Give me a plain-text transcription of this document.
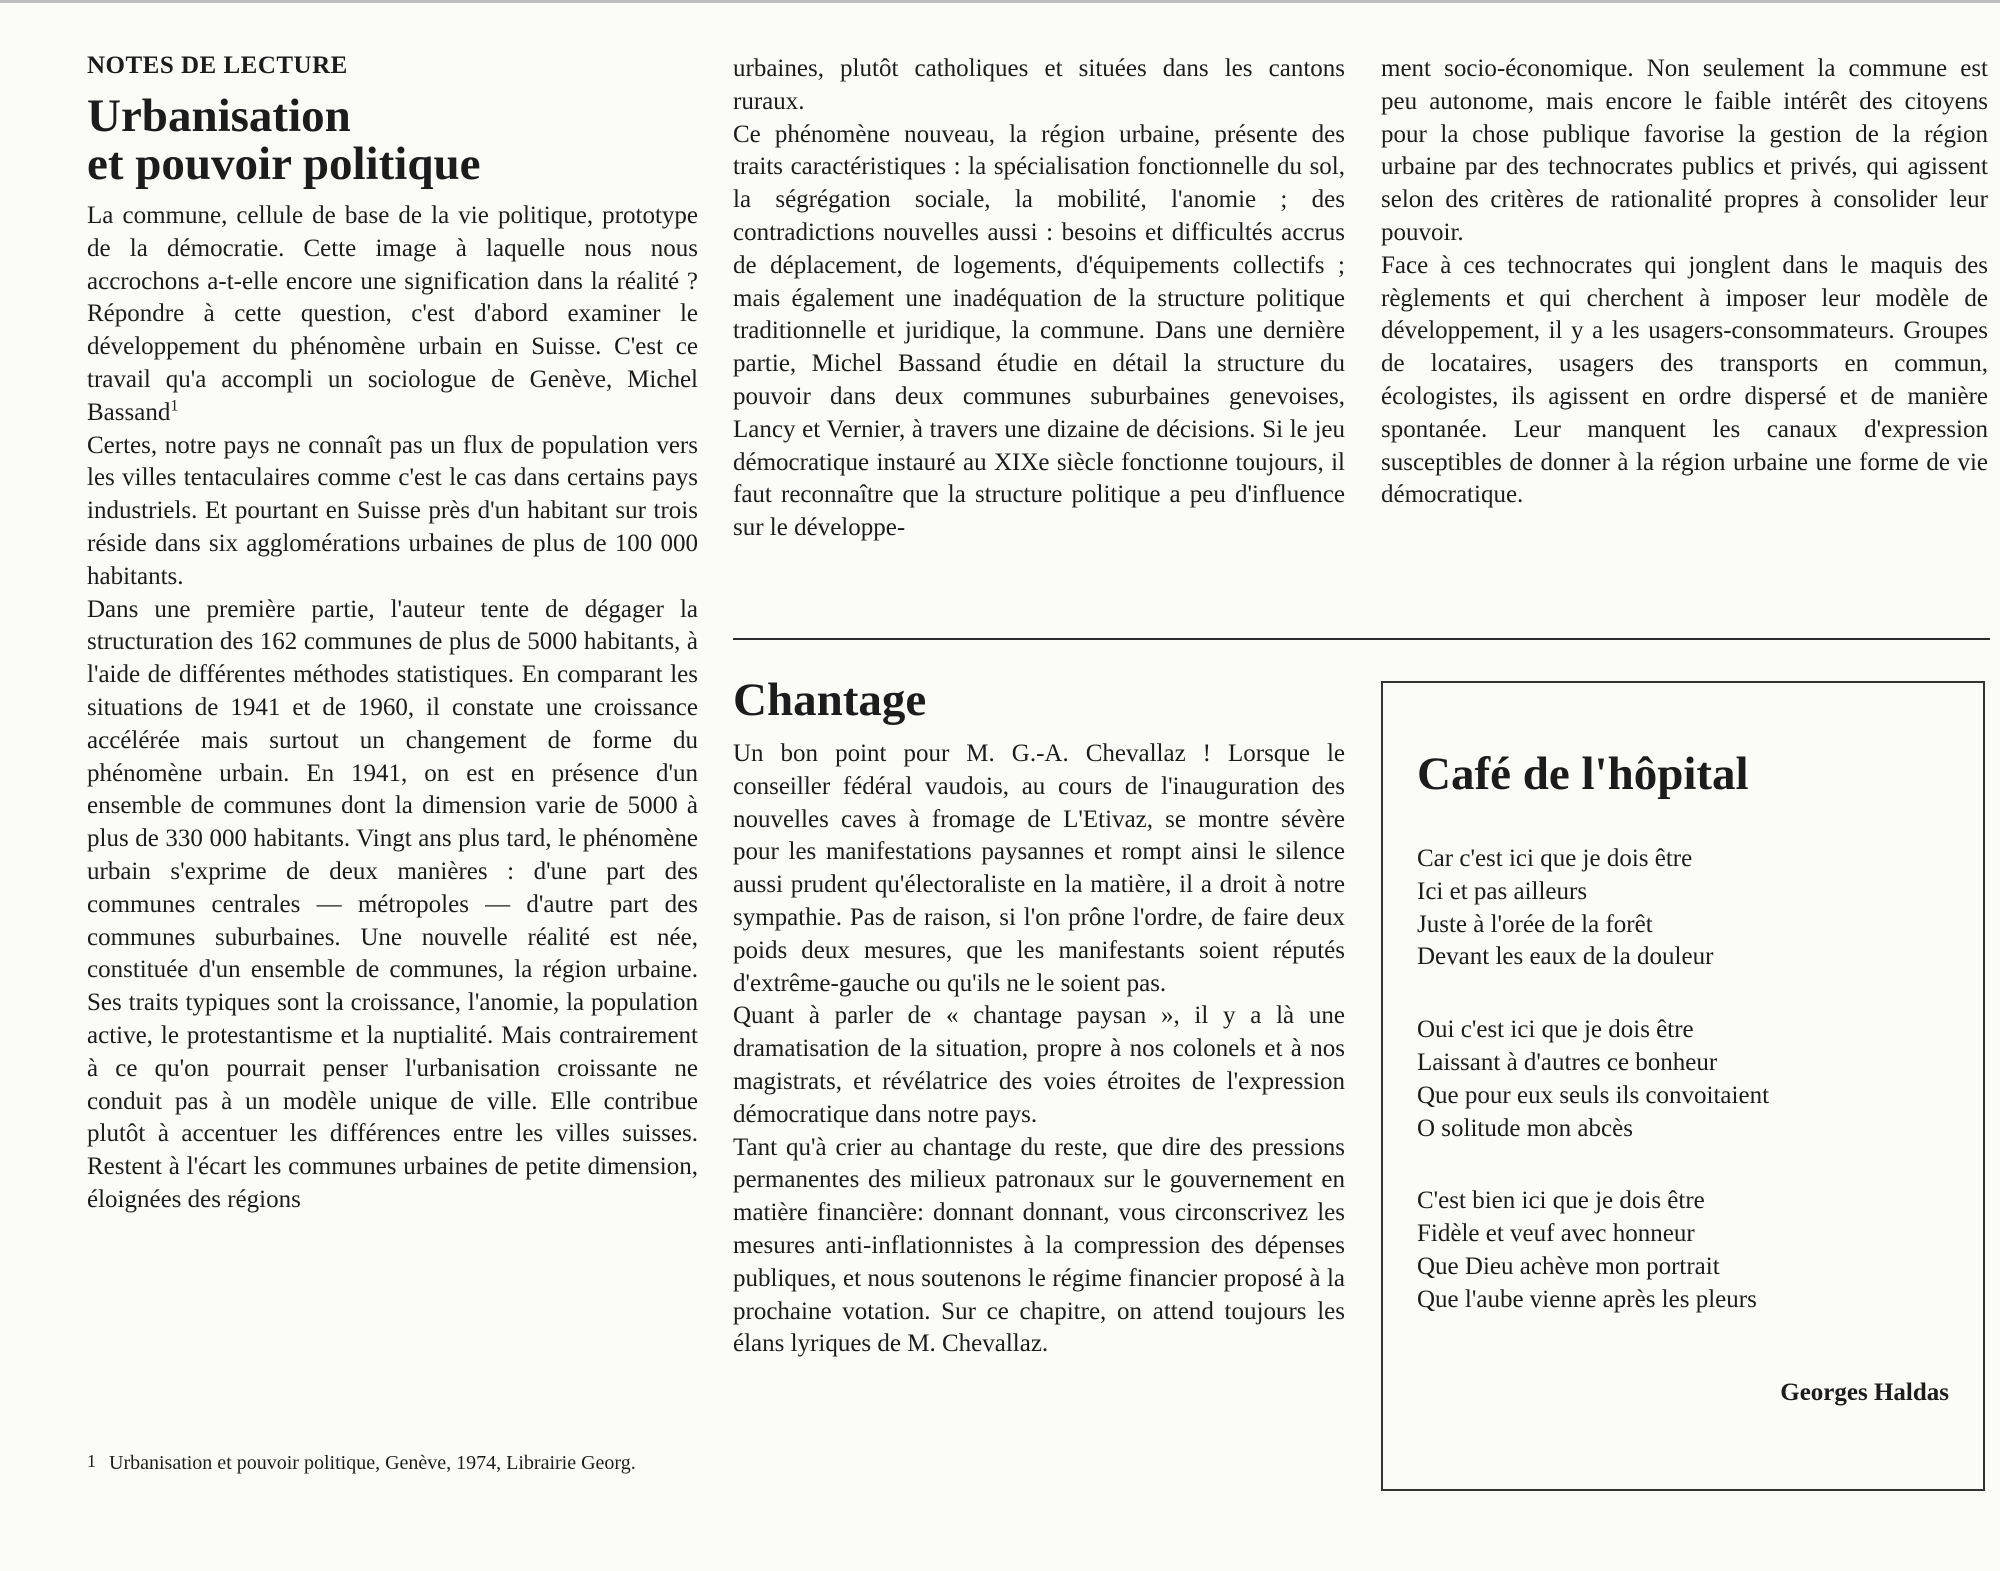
NOTES DE LECTURE

Urbanisation
et pouvoir politique

La commune, cellule de base de la vie politique, prototype de la démocratie. Cette image à laquelle nous nous accrochons a-t-elle encore une signification dans la réalité ? Répondre à cette question, c'est d'abord examiner le développement du phénomène urbain en Suisse. C'est ce travail qu'a accompli un sociologue de Genève, Michel Bassand$^1$

Certes, notre pays ne connaît pas un flux de population vers les villes tentaculaires comme c'est le cas dans certains pays industriels. Et pourtant en Suisse près d'un habitant sur trois réside dans six agglomérations urbaines de plus de 100 000 habitants.

Dans une première partie, l'auteur tente de dégager la structuration des 162 communes de plus de 5000 habitants, à l'aide de différentes méthodes statistiques. En comparant les situations de 1941 et de 1960, il constate une croissance accélérée mais surtout un changement de forme du phénomène urbain. En 1941, on est en présence d'un ensemble de communes dont la dimension varie de 5000 à plus de 330 000 habitants. Vingt ans plus tard, le phénomène urbain s'exprime de deux manières : d'une part des communes centrales — métropoles — d'autre part des communes suburbaines. Une nouvelle réalité est née, constituée d'un ensemble de communes, la région urbaine. Ses traits typiques sont la croissance, l'anomie, la population active, le protestantisme et la nuptialité. Mais contrairement à ce qu'on pourrait penser l'urbanisation croissante ne conduit pas à un modèle unique de ville. Elle contribue plutôt à accentuer les différences entre les villes suisses. Restent à l'écart les communes urbaines de petite dimension, éloignées des régions

1 Urbanisation et pouvoir politique, Genève, 1974, Librairie Georg.

urbaines, plutôt catholiques et situées dans les cantons ruraux.

Ce phénomène nouveau, la région urbaine, présente des traits caractéristiques : la spécialisation fonctionnelle du sol, la ségrégation sociale, la mobilité, l'anomie ; des contradictions nouvelles aussi : besoins et difficultés accrus de déplacement, de logements, d'équipements collectifs ; mais également une inadéquation de la structure politique traditionnelle et juridique, la commune. Dans une dernière partie, Michel Bassand étudie en détail la structure du pouvoir dans deux communes suburbaines genevoises, Lancy et Vernier, à travers une dizaine de décisions. Si le jeu démocratique instauré au XIXe siècle fonctionne toujours, il faut reconnaître que la structure politique a peu d'influence sur le développe-

ment socio-économique. Non seulement la commune est peu autonome, mais encore le faible intérêt des citoyens pour la chose publique favorise la gestion de la région urbaine par des technocrates publics et privés, qui agissent selon des critères de rationalité propres à consolider leur pouvoir.

Face à ces technocrates qui jonglent dans le maquis des règlements et qui cherchent à imposer leur modèle de développement, il y a les usagers-consommateurs. Groupes de locataires, usagers des transports en commun, écologistes, ils agissent en ordre dispersé et de manière spontanée. Leur manquent les canaux d'expression susceptibles de donner à la région urbaine une forme de vie démocratique.

Chantage

Un bon point pour M. G.-A. Chevallaz ! Lorsque le conseiller fédéral vaudois, au cours de l'inauguration des nouvelles caves à fromage de L'Etivaz, se montre sévère pour les manifestations paysannes et rompt ainsi le silence aussi prudent qu'électoraliste en la matière, il a droit à notre sympathie. Pas de raison, si l'on prône l'ordre, de faire deux poids deux mesures, que les manifestants soient réputés d'extrême-gauche ou qu'ils ne le soient pas.

Quant à parler de « chantage paysan », il y a là une dramatisation de la situation, propre à nos colonels et à nos magistrats, et révélatrice des voies étroites de l'expression démocratique dans notre pays.

Tant qu'à crier au chantage du reste, que dire des pressions permanentes des milieux patronaux sur le gouvernement en matière financière: donnant donnant, vous circonscrivez les mesures anti-inflationnistes à la compression des dépenses publiques, et nous soutenons le régime financier proposé à la prochaine votation. Sur ce chapitre, on attend toujours les élans lyriques de M. Chevallaz.

Café de l'hôpital

Car c'est ici que je dois être

Ici et pas ailleurs

Juste à l'orée de la forêt

Devant les eaux de la douleur

Oui c'est ici que je dois être

Laissant à d'autres ce bonheur

Que pour eux seuls ils convoitaient

O solitude mon abcès

C'est bien ici que je dois être

Fidèle et veuf avec honneur

Que Dieu achève mon portrait

Que l'aube vienne après les pleurs

Georges Haldas
